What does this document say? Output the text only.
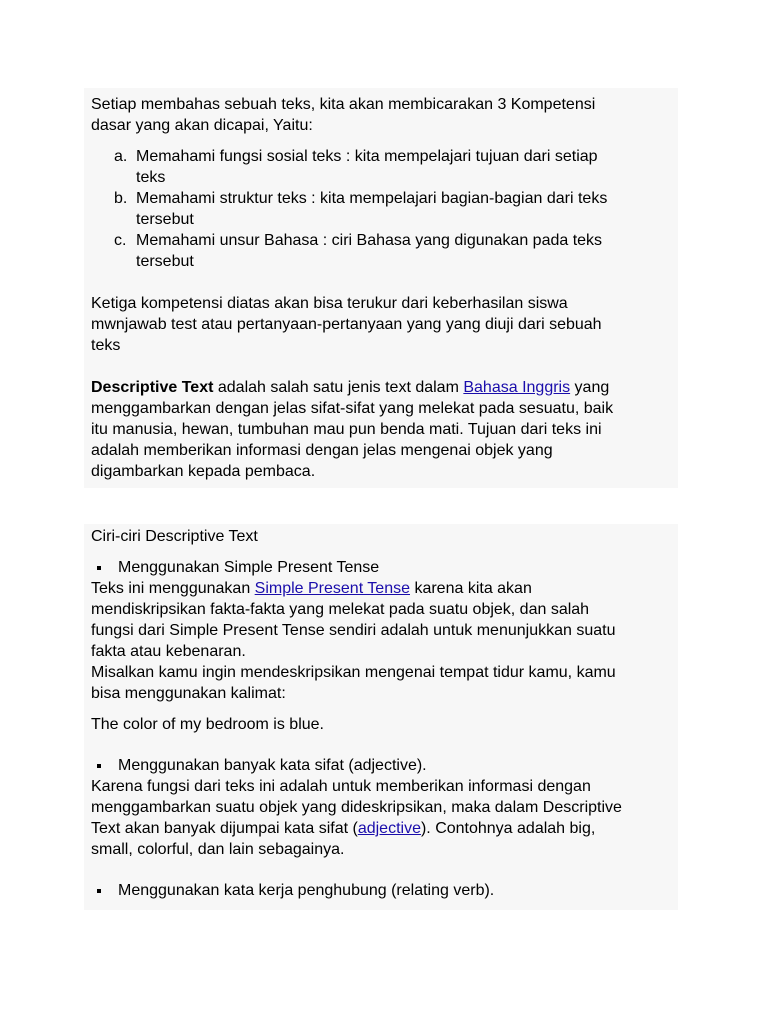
Setiap membahas sebuah teks, kita akan membicarakan 3 Kompetensi
dasar yang akan dicapai, Yaitu:

a. Memahami fungsi sosial teks : kita mempelajari tujuan dari setiap
teks
b. Memahami struktur teks : kita mempelajari bagian-bagian dari teks
tersebut
c. Memahami unsur Bahasa : ciri Bahasa yang digunakan pada teks
tersebut

Ketiga kompetensi diatas akan bisa terukur dari keberhasilan siswa
mwnjawab test atau pertanyaan-pertanyaan yang yang diuji dari sebuah
teks

Descriptive Text adalah salah satu jenis text dalam Bahasa Inggris yang
menggambarkan dengan jelas sifat-sifat yang melekat pada sesuatu, baik
itu manusia, hewan, tumbuhan mau pun benda mati. Tujuan dari teks ini
adalah memberikan informasi dengan jelas mengenai objek yang
digambarkan kepada pembaca.

Ciri-ciri Descriptive Text

Menggunakan Simple Present Tense

Teks ini menggunakan Simple Present Tense karena kita akan
mendiskripsikan fakta-fakta yang melekat pada suatu objek, dan salah
fungsi dari Simple Present Tense sendiri adalah untuk menunjukkan suatu
fakta atau kebenaran.
Misalkan kamu ingin mendeskripsikan mengenai tempat tidur kamu, kamu
bisa menggunakan kalimat:

The color of my bedroom is blue.

Menggunakan banyak kata sifat (adjective).

Karena fungsi dari teks ini adalah untuk memberikan informasi dengan
menggambarkan suatu objek yang dideskripsikan, maka dalam Descriptive
Text akan banyak dijumpai kata sifat (adjective). Contohnya adalah big,
small, colorful, dan lain sebagainya.

Menggunakan kata kerja penghubung (relating verb).
